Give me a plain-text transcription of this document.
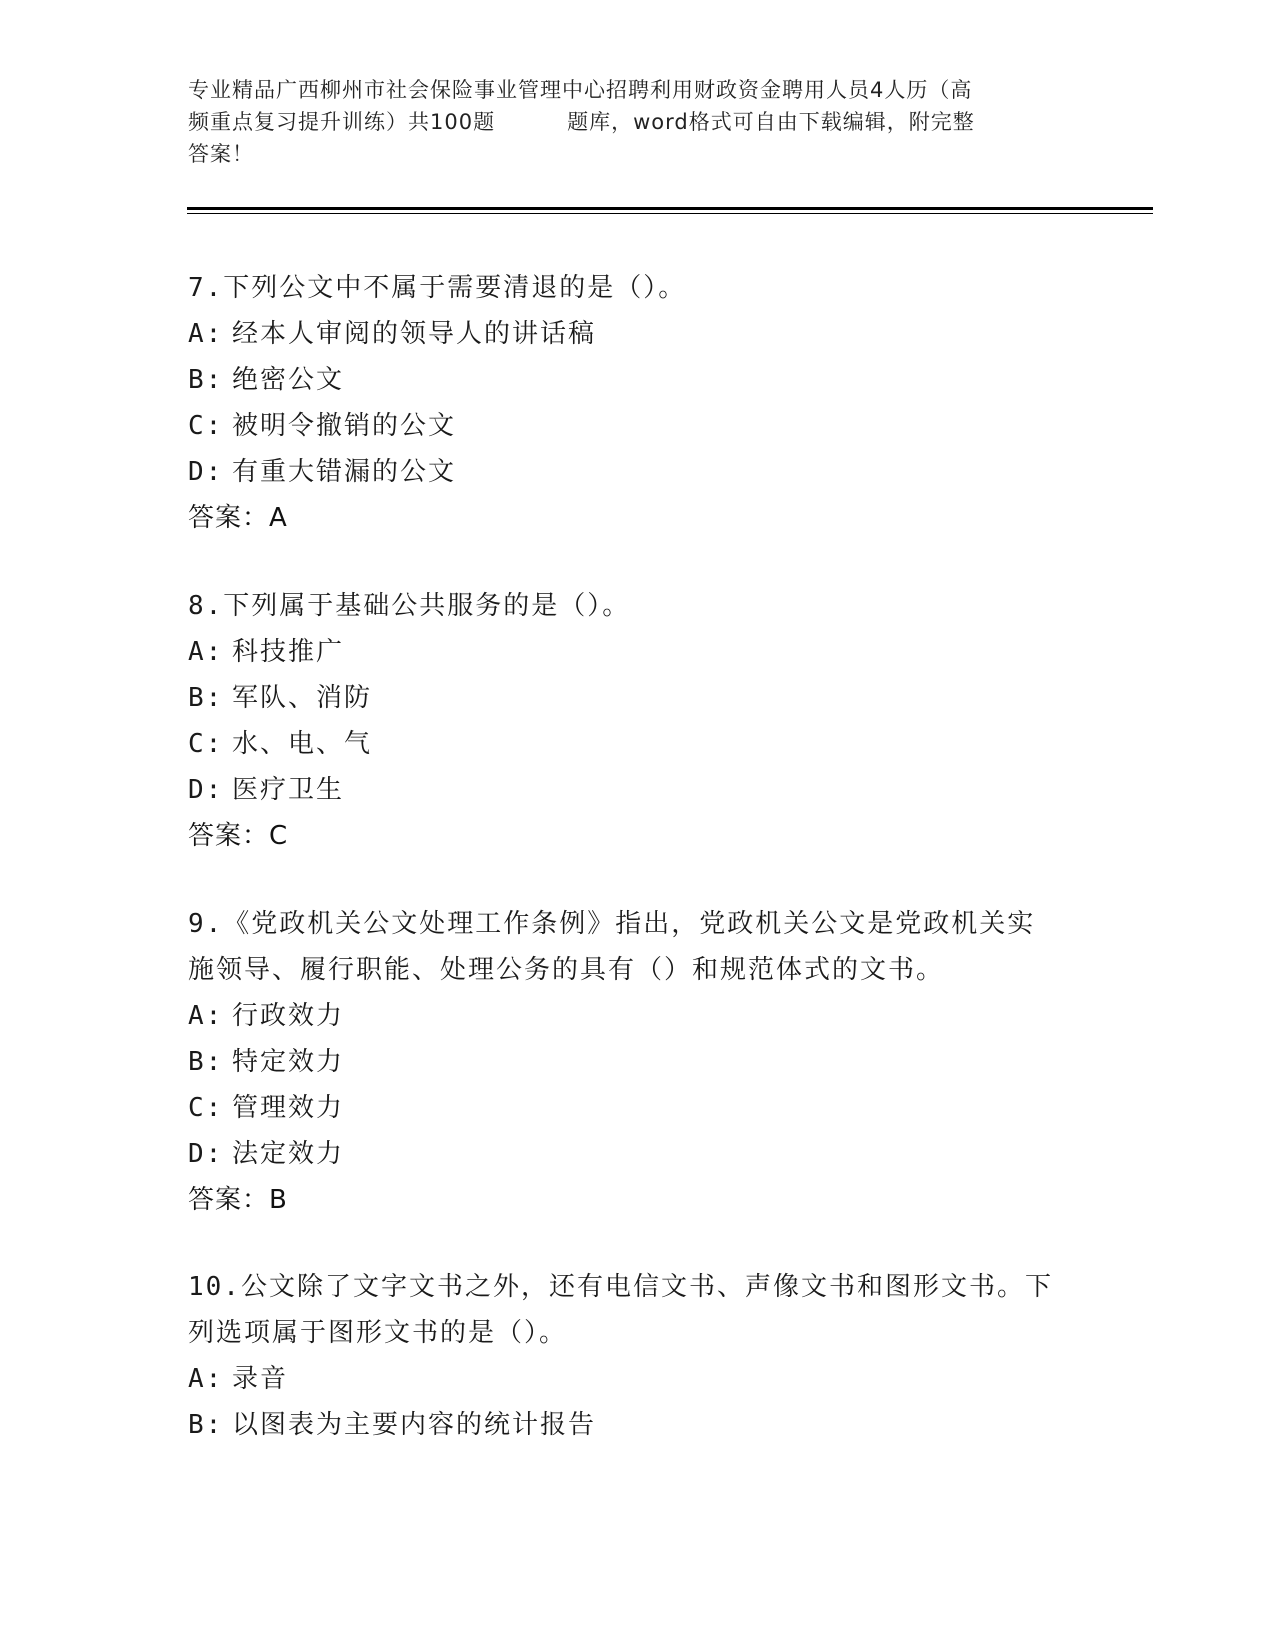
专业精品广西柳州市社会保险事业管理中心招聘利用财政资金聘用人员4人历（高
频重点复习提升训练）共100题	题库，word格式可自由下载编辑，附完整
答案！
7.下列公文中不属于需要清退的是（）。
A: 经本人审阅的领导人的讲话稿
B: 绝密公文
C: 被明令撤销的公文
D: 有重大错漏的公文
答案：A
8.下列属于基础公共服务的是（）。
A: 科技推广
B: 军队、消防
C: 水、电、气
D: 医疗卫生
答案：C
9.《党政机关公文处理工作条例》指出，党政机关公文是党政机关实
施领导、履行职能、处理公务的具有（）和规范体式的文书。
A: 行政效力
B: 特定效力
C: 管理效力
D: 法定效力
答案：B
10.公文除了文字文书之外，还有电信文书、声像文书和图形文书。下
列选项属于图形文书的是（）。
A: 录音
B: 以图表为主要内容的统计报告
